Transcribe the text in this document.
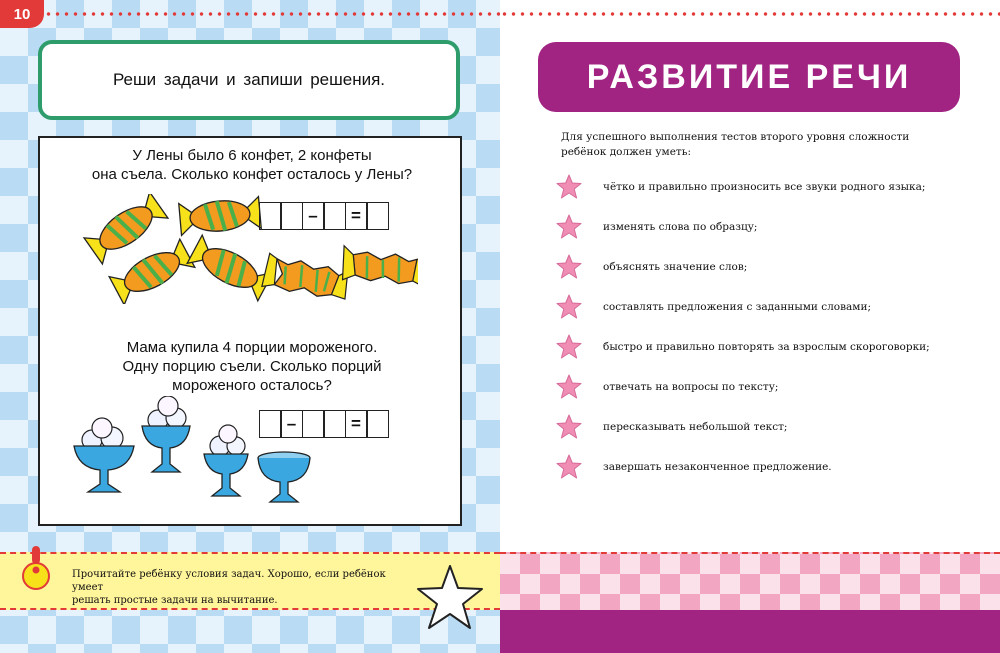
10
Реши задачи и запиши решения.
У Лены было 6 конфет, 2 конфеты
она съела. Сколько конфет осталось у Лены?
–	=
Мама купила 4 порции мороженого.
Одну порцию съели. Сколько порций
мороженого осталось?
–	=
Прочитайте ребёнку условия задач. Хорошо, если ребёнок умеет
решать простые задачи на вычитание.
РАЗВИТИЕ РЕЧИ
Для успешного выполнения тестов второго уровня сложности
ребёнок должен уметь:
чётко и правильно произносить все звуки родного языка;
изменять слова по образцу;
объяснять значение слов;
составлять предложения с заданными словами;
быстро и правильно повторять за взрослым скороговорки;
отвечать на вопросы по тексту;
пересказывать небольшой текст;
завершать незаконченное предложение.
